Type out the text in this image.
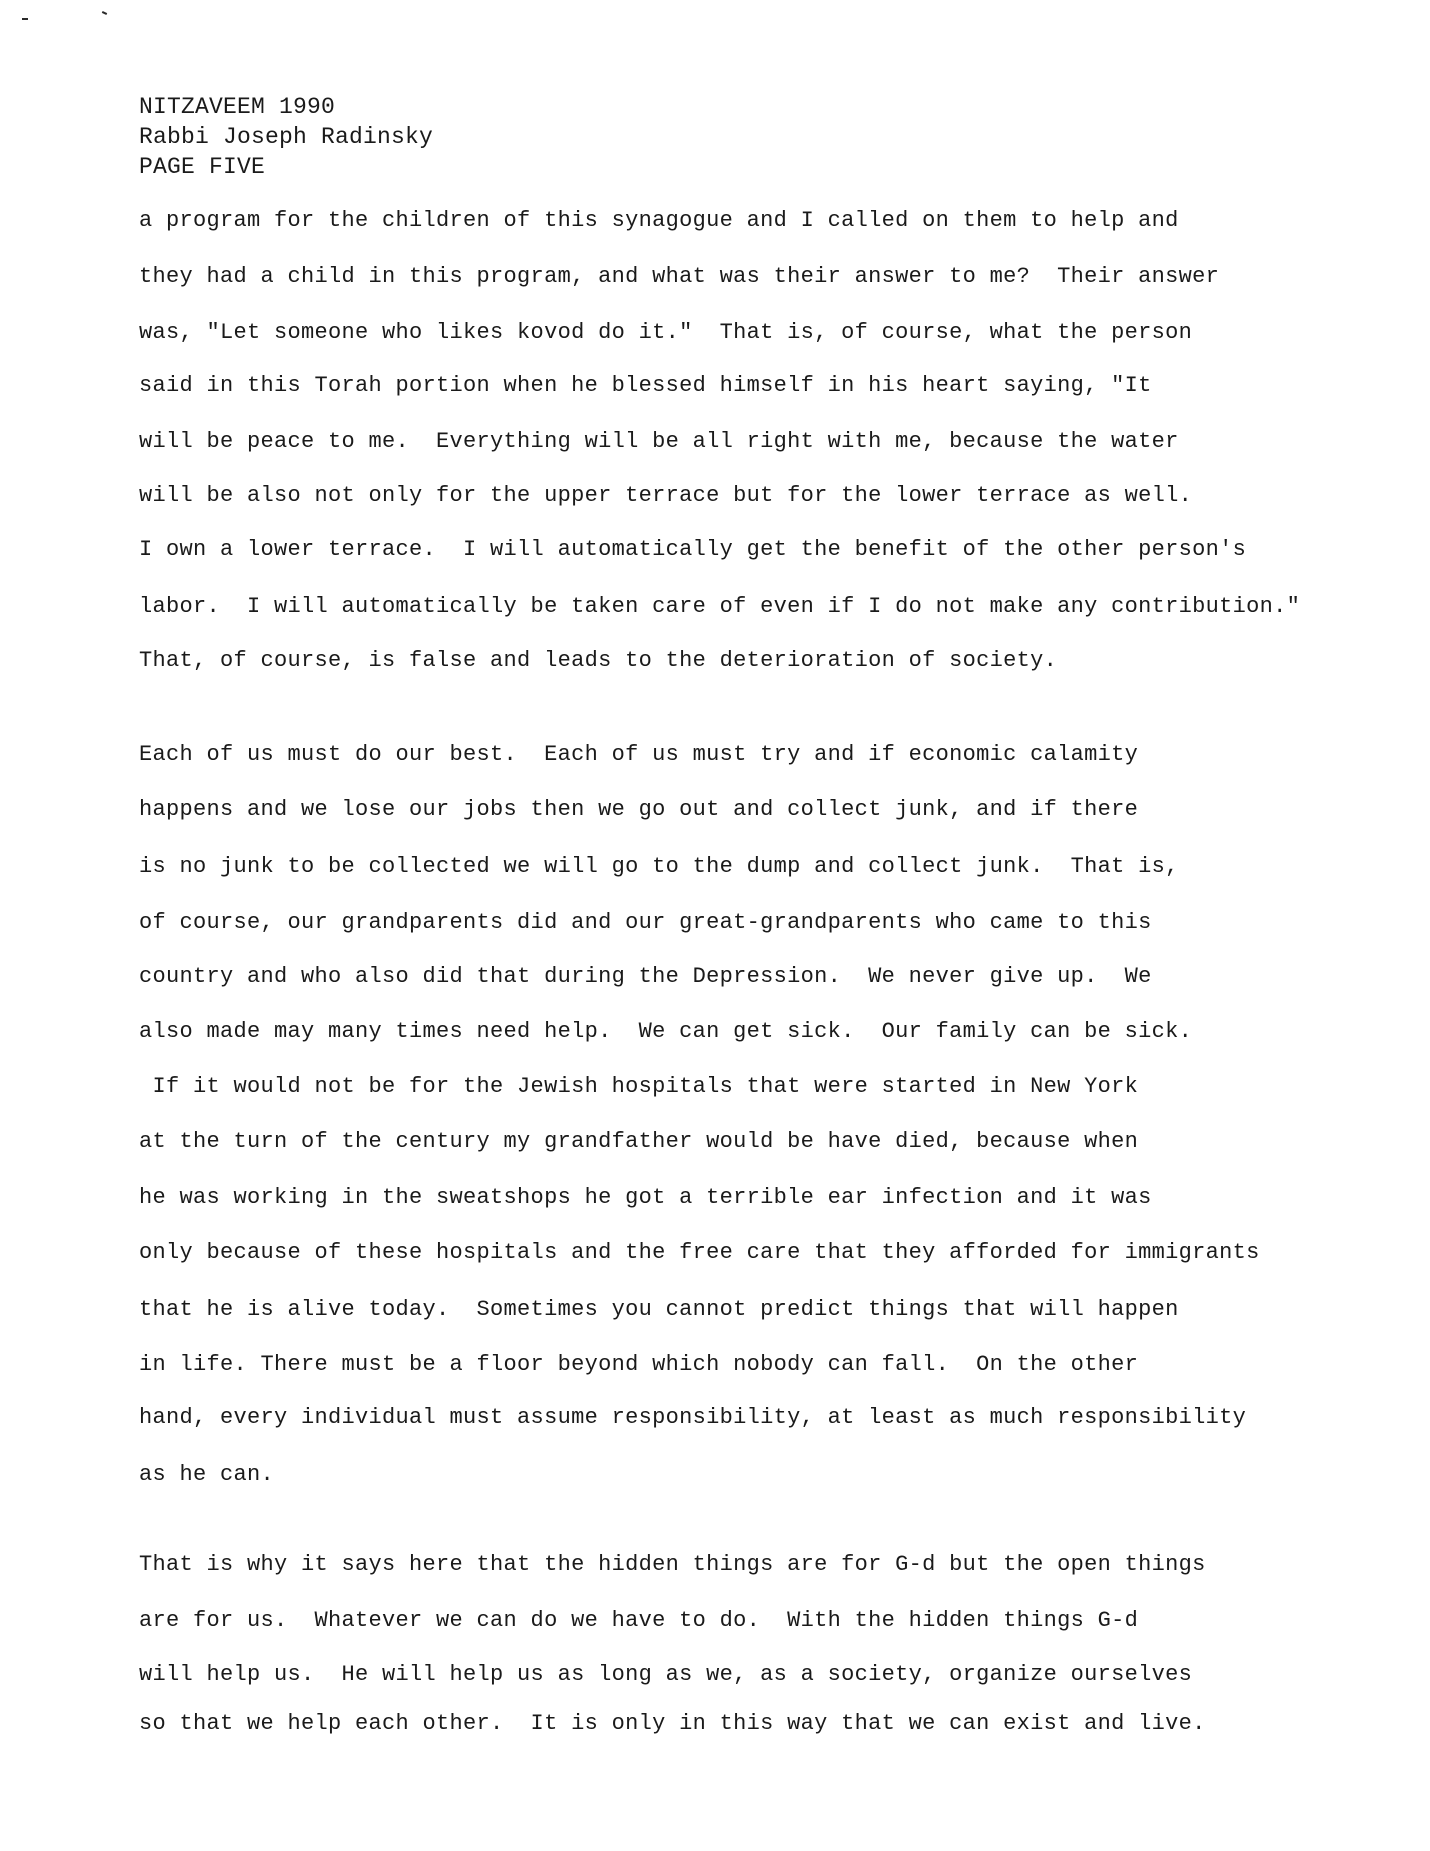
NITZAVEEM 1990
Rabbi Joseph Radinsky
PAGE FIVE
a program for the children of this synagogue and I called on them to help and
they had a child in this program, and what was their answer to me?  Their answer
was, "Let someone who likes kovod do it."  That is, of course, what the person
said in this Torah portion when he blessed himself in his heart saying, "It
will be peace to me.  Everything will be all right with me, because the water
will be also not only for the upper terrace but for the lower terrace as well.
I own a lower terrace.  I will automatically get the benefit of the other person's
labor.  I will automatically be taken care of even if I do not make any contribution."
That, of course, is false and leads to the deterioration of society.
Each of us must do our best.  Each of us must try and if economic calamity
happens and we lose our jobs then we go out and collect junk, and if there
is no junk to be collected we will go to the dump and collect junk.  That is,
of course, our grandparents did and our great-grandparents who came to this
country and who also did that during the Depression.  We never give up.  We
also made may many times need help.  We can get sick.  Our family can be sick.
If it would not be for the Jewish hospitals that were started in New York
at the turn of the century my grandfather would be have died, because when
he was working in the sweatshops he got a terrible ear infection and it was
only because of these hospitals and the free care that they afforded for immigrants
that he is alive today.  Sometimes you cannot predict things that will happen
in life. There must be a floor beyond which nobody can fall.  On the other
hand, every individual must assume responsibility, at least as much responsibility
as he can.
That is why it says here that the hidden things are for G-d but the open things
are for us.  Whatever we can do we have to do.  With the hidden things G-d
will help us.  He will help us as long as we, as a society, organize ourselves
so that we help each other.  It is only in this way that we can exist and live.
